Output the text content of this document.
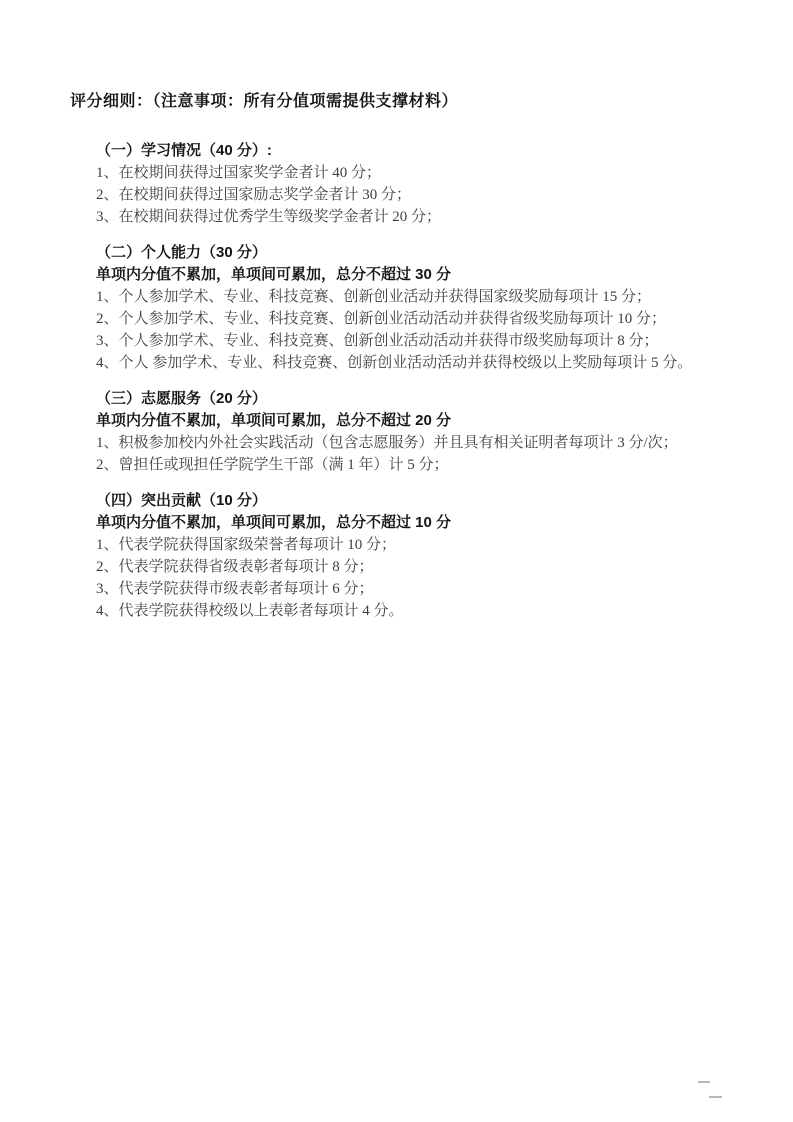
评分细则：（注意事项：所有分值项需提供支撑材料）
（一）学习情况（40 分）:
1、在校期间获得过国家奖学金者计 40 分；
2、在校期间获得过国家励志奖学金者计 30 分；
3、在校期间获得过优秀学生等级奖学金者计 20 分；
（二）个人能力（30 分）
单项内分值不累加，单项间可累加，总分不超过 30 分
1、个人参加学术、专业、科技竞赛、创新创业活动并获得国家级奖励每项计 15 分；
2、个人参加学术、专业、科技竞赛、创新创业活动活动并获得省级奖励每项计 10 分；
3、个人参加学术、专业、科技竞赛、创新创业活动活动并获得市级奖励每项计 8 分；
4、个人 参加学术、专业、科技竞赛、创新创业活动活动并获得校级以上奖励每项计 5 分。
（三）志愿服务（20 分）
单项内分值不累加，单项间可累加，总分不超过 20 分
1、积极参加校内外社会实践活动（包含志愿服务）并且具有相关证明者每项计 3 分/次；
2、曾担任或现担任学院学生干部（满 1 年）计 5 分；
（四）突出贡献（10 分）
单项内分值不累加，单项间可累加，总分不超过 10 分
1、代表学院获得国家级荣誉者每项计 10 分；
2、代表学院获得省级表彰者每项计 8 分；
3、代表学院获得市级表彰者每项计 6 分；
4、代表学院获得校级以上表彰者每项计 4 分。
